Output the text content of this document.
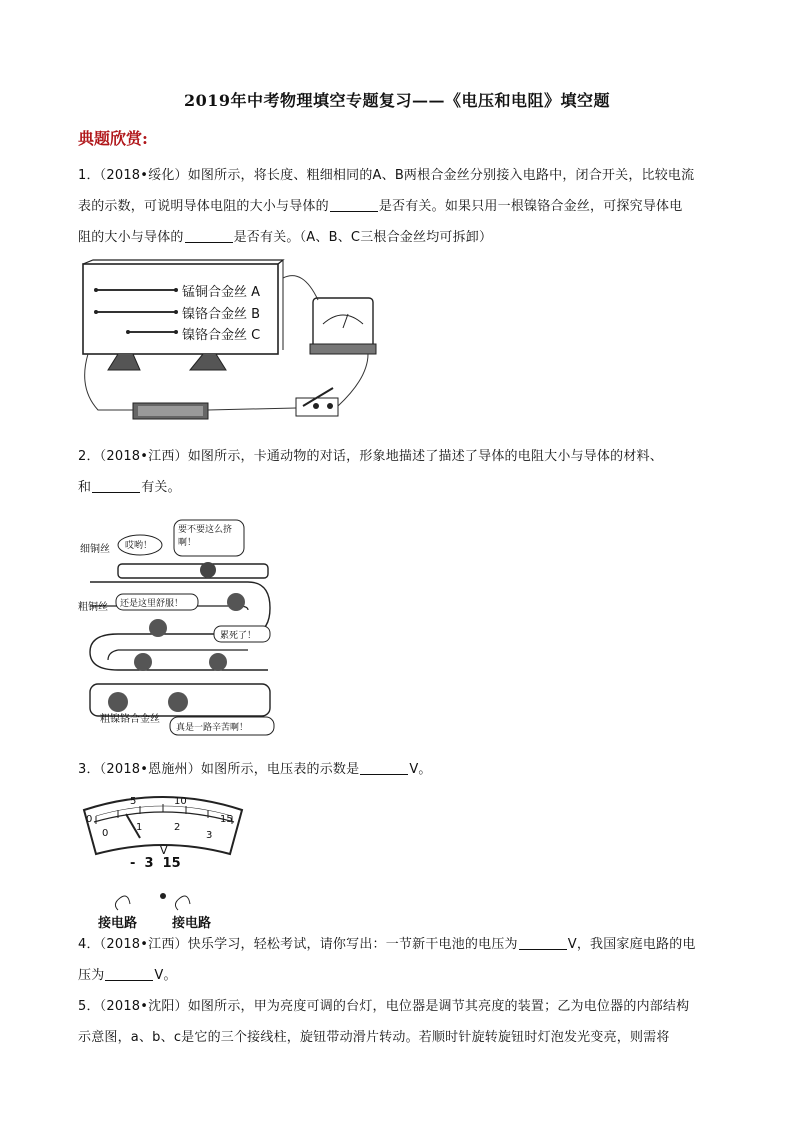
2019年中考物理填空专题复习——《电压和电阻》填空题
典题欣赏:
1．（2018•绥化）如图所示，将长度、粗细相同的A、B两根合金丝分别接入电路中，闭合开关，比较电流
表的示数，可说明导体电阻的大小与导体的	是否有关。如果只用一根镍铬合金丝，可探究导体电
阻的大小与导体的	是否有关。（A、B、C三根合金丝均可拆卸）
锰铜合金丝 A
镍铬合金丝 B
镍铬合金丝 C
2．（2018•江西）如图所示，卡通动物的对话，形象地描述了描述了导体的电阻大小与导体的材料、
和	有关。
细铜丝
粗铜丝
粗镍铬合金丝
哎哟！
要不要这么挤啊！
还是这里舒服！
累死了！
真是一路辛苦啊！
3．（2018•恩施州）如图所示，电压表的示数是	V。
0
5	10
15
0
1	2
3
V
-  3  15
接电路	接电路
4．（2018•江西）快乐学习，轻松考试，请你写出：一节新干电池的电压为	V，我国家庭电路的电
压为	V。
5．（2018•沈阳）如图所示，甲为亮度可调的台灯，电位器是调节其亮度的装置；乙为电位器的内部结构
示意图，a、b、c是它的三个接线柱，旋钮带动滑片转动。若顺时针旋转旋钮时灯泡发光变亮，则需将
